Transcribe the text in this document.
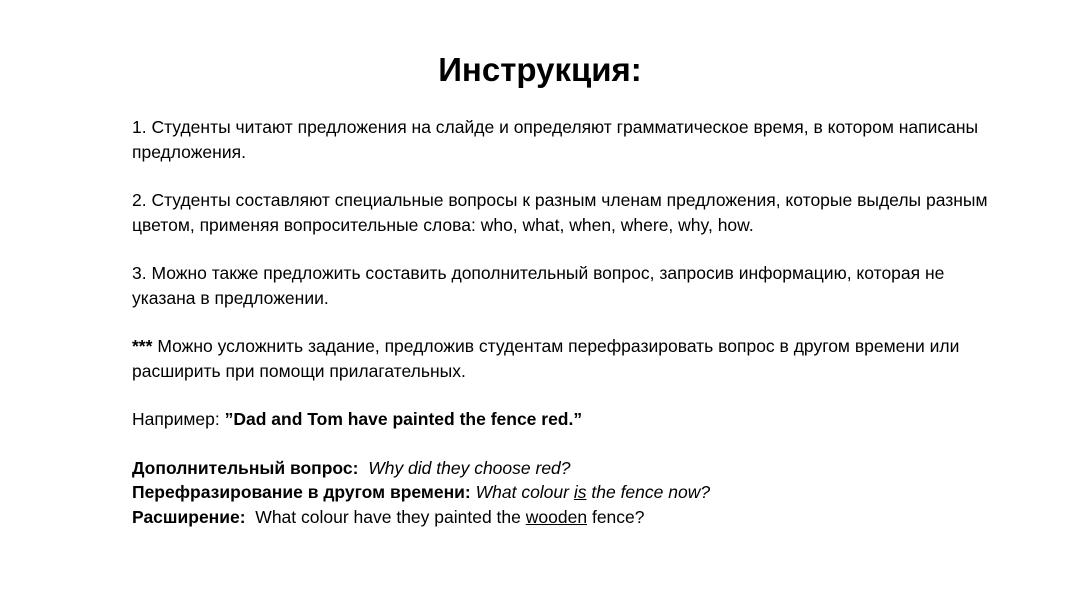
Инструкция:

1. Студенты читают предложения на слайде и определяют грамматическое время, в котором написаны предложения.

2. Студенты составляют специальные вопросы к разным членам предложения, которые выделы разным цветом, применяя вопросительные слова: who, what, when, where, why, how.

3. Можно также предложить составить дополнительный вопрос, запросив информацию, которая не указана в предложении.

*** Можно усложнить задание, предложив студентам перефразировать вопрос в другом времени или расширить при помощи прилагательных.

Например: ”Dad and Tom have painted the fence red.”

Дополнительный вопрос: Why did they choose red?
Перефразирование в другом времени: What colour is the fence now?
Расширение: What colour have they painted the wooden fence?
